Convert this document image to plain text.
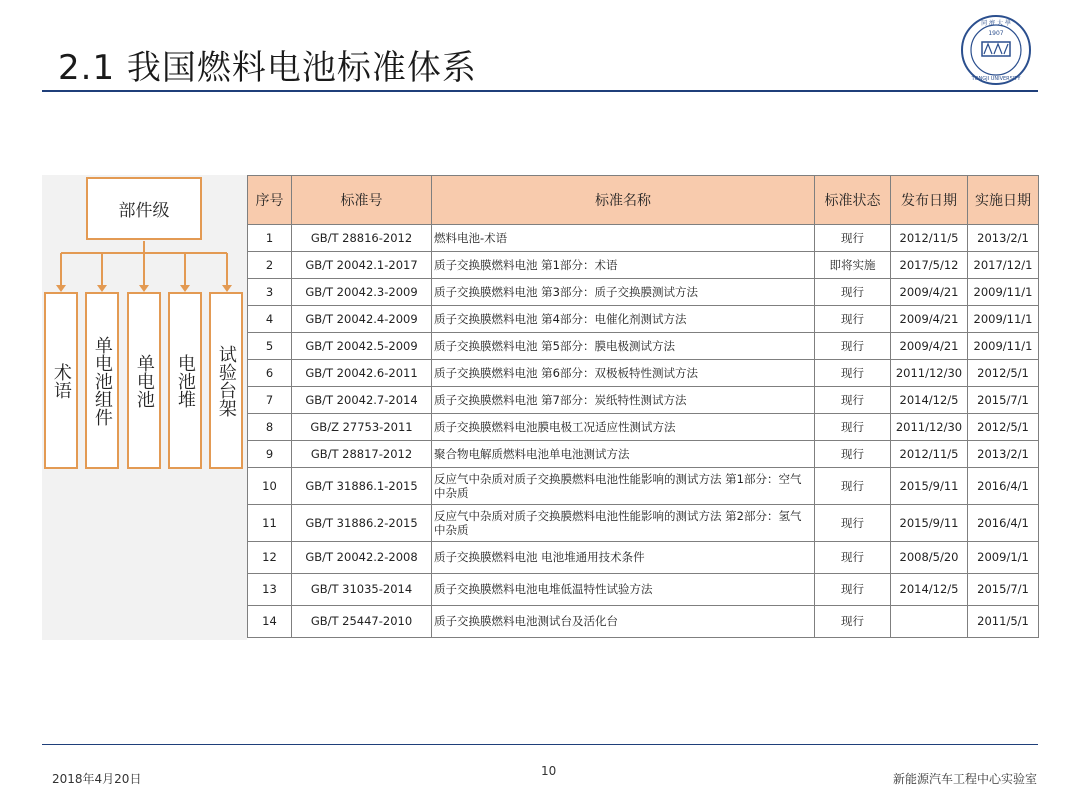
2.1 我国燃料电池标准体系
同 濟 大 學
1907
TONGJI UNIVERSITY
部件级
术语	单电池组件	单电池	电池堆	试验台架
序号	标准号	标准名称	标准状态	发布日期	实施日期
1	GB/T 28816-2012	燃料电池-术语	现行	2012/11/5	2013/2/1
2	GB/T 20042.1-2017	质子交换膜燃料电池 第1部分：术语	即将实施	2017/5/12	2017/12/1
3	GB/T 20042.3-2009	质子交换膜燃料电池 第3部分：质子交换膜测试方法	现行	2009/4/21	2009/11/1
4	GB/T 20042.4-2009	质子交换膜燃料电池 第4部分：电催化剂测试方法	现行	2009/4/21	2009/11/1
5	GB/T 20042.5-2009	质子交换膜燃料电池 第5部分：膜电极测试方法	现行	2009/4/21	2009/11/1
6	GB/T 20042.6-2011	质子交换膜燃料电池 第6部分：双极板特性测试方法	现行	2011/12/30	2012/5/1
7	GB/T 20042.7-2014	质子交换膜燃料电池 第7部分：炭纸特性测试方法	现行	2014/12/5	2015/7/1
8	GB/Z 27753-2011	质子交换膜燃料电池膜电极工况适应性测试方法	现行	2011/12/30	2012/5/1
9	GB/T 28817-2012	聚合物电解质燃料电池单电池测试方法	现行	2012/11/5	2013/2/1
10	GB/T 31886.1-2015	反应气中杂质对质子交换膜燃料电池性能影响的测试方法 第1部分：空气中杂质	现行	2015/9/11	2016/4/1
11	GB/T 31886.2-2015	反应气中杂质对质子交换膜燃料电池性能影响的测试方法 第2部分：氢气中杂质	现行	2015/9/11	2016/4/1
12	GB/T 20042.2-2008	质子交换膜燃料电池 电池堆通用技术条件	现行	2008/5/20	2009/1/1
13	GB/T 31035-2014	质子交换膜燃料电池电堆低温特性试验方法	现行	2014/12/5	2015/7/1
14	GB/T 25447-2010	质子交换膜燃料电池测试台及活化台	现行		2011/5/1
2018年4月20日
10
新能源汽车工程中心实验室
